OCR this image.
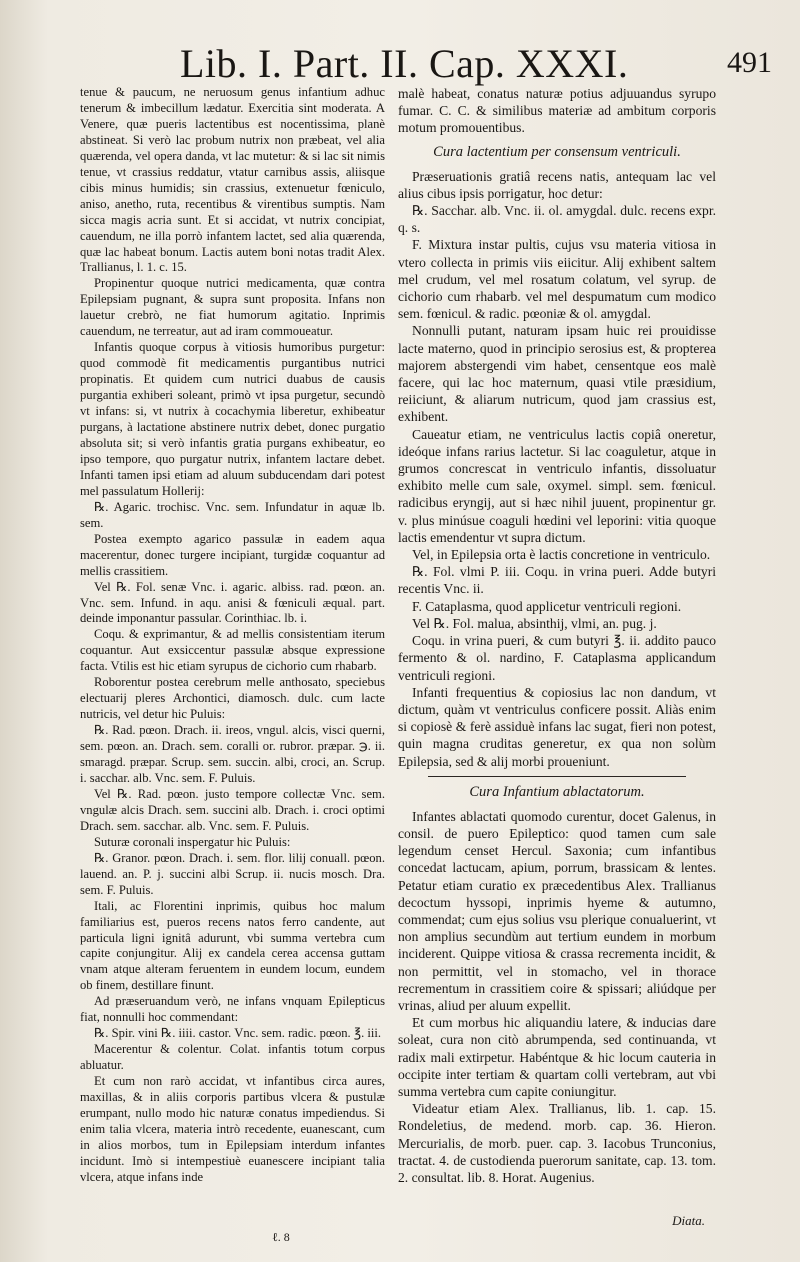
Lib. I. Part. II. Cap. XXXI.	491

tenue & paucum, ne neruosum genus infantium adhuc tenerum & imbecillum lædatur. Exercitia sint moderata. A Venere, quæ pueris lactentibus est nocentissima, planè abstineat. Si verò lac probum nutrix non præbeat, vel alia quærenda, vel opera danda, vt lac mutetur: & si lac sit nimis tenue, vt crassius reddatur, vtatur carnibus assis, aliisque cibis minus humidis; sin crassius, extenuetur fœniculo, aniso, anetho, ruta, recentibus & virentibus sumptis. Nam sicca magis acria sunt. Et si accidat, vt nutrix concipiat, cauendum, ne illa porrò infantem lactet, sed alia quærenda, quæ lac habeat bonum. Lactis autem boni notas tradit Alex. Trallianus, l. 1. c. 15.

Propinentur quoque nutrici medicamenta, quæ contra Epilepsiam pugnant, & supra sunt proposita. Infans non lauetur crebrò, ne fiat humorum agitatio. Inprimis cauendum, ne terreatur, aut ad iram commoueatur.

Infantis quoque corpus à vitiosis humoribus purgetur: quod commodè fit medicamentis purgantibus nutrici propinatis. Et quidem cum nutrici duabus de causis purgantia exhiberi soleant, primò vt ipsa purgetur, secundò vt infans: si, vt nutrix à cocachymia liberetur, exhibeatur purgans, à lactatione abstinere nutrix debet, donec purgatio absoluta sit; si verò infantis gratia purgans exhibeatur, eo ipso tempore, quo purgatur nutrix, infantem lactare debet. Infanti tamen ipsi etiam ad aluum subducendam dari potest mel passulatum Hollerij:

℞. Agaric. trochisc. Vnc. sem. Infundatur in aquæ lb. sem.

Postea exempto agarico passulæ in eadem aqua macerentur, donec turgere incipiant, turgidæ coquantur ad mellis crassitiem.

Vel ℞. Fol. senæ Vnc. i. agaric. albiss. rad. pœon. an. Vnc. sem. Infund. in aqu. anisi & fœniculi æqual. part. deinde imponantur passular. Corinthiac. lb. i.

Coqu. & exprimantur, & ad mellis consistentiam iterum coquantur. Aut exsiccentur passulæ absque expressione facta. Vtilis est hic etiam syrupus de cichorio cum rhabarb.

Roborentur postea cerebrum melle anthosato, speciebus electuarij pleres Archontici, diamosch. dulc. cum lacte nutricis, vel detur hic Puluis:

℞. Rad. pœon. Drach. ii. ireos, vngul. alcis, visci querni, sem. pœon. an. Drach. sem. coralli or. rubror. præpar. ℈. ii. smaragd. præpar. Scrup. sem. succin. albi, croci, an. Scrup. i. sacchar. alb. Vnc. sem. F. Puluis.

Vel ℞. Rad. pœon. justo tempore collectæ Vnc. sem. vngulæ alcis Drach. sem. succini alb. Drach. i. croci optimi Drach. sem. sacchar. alb. Vnc. sem. F. Puluis.

Suturæ coronali inspergatur hic Puluis:

℞. Granor. pœon. Drach. i. sem. flor. lilij conuall. pœon. lauend. an. P. j. succini albi Scrup. ii. nucis mosch. Dra. sem. F. Puluis.

Itali, ac Florentini inprimis, quibus hoc malum familiarius est, pueros recens natos ferro candente, aut particula ligni ignitâ adurunt, vbi summa vertebra cum capite conjungitur. Alij ex candela cerea accensa guttam vnam atque alteram feruentem in eundem locum, eundem ob finem, destillare finunt.

Ad præseruandum verò, ne infans vnquam Epilepticus fiat, nonnulli hoc commendant:

℞. Spir. vini ℞. iiii. castor. Vnc. sem. radic. pœon. ℥. iii.

Macerentur & colentur. Colat. infantis totum corpus abluatur.

Et cum non rarò accidat, vt infantibus circa aures, maxillas, & in aliis corporis partibus vlcera & pustulæ erumpant, nullo modo hic naturæ conatus impediendus. Si enim talia vlcera, materia intrò recedente, euanescant, cum in alios morbos, tum in Epilepsiam interdum infantes incidunt. Imò si intempestiuè euanescere incipiant talia vlcera, atque infans inde

malè habeat, conatus naturæ potius adjuuandus syrupo fumar. C. C. & similibus materiæ ad ambitum corporis motum promouentibus.

Cura lactentium per consensum ventriculi.

Præseruationis gratiâ recens natis, antequam lac vel alius cibus ipsis porrigatur, hoc detur:

℞. Sacchar. alb. Vnc. ii. ol. amygdal. dulc. recens expr. q. s.

F. Mixtura instar pultis, cujus vsu materia vitiosa in vtero collecta in primis viis eiicitur. Alij exhibent saltem mel crudum, vel mel rosatum colatum, vel syrup. de cichorio cum rhabarb. vel mel despumatum cum modico sem. fœnicul. & radic. pœoniæ & ol. amygdal.

Nonnulli putant, naturam ipsam huic rei prouidisse lacte materno, quod in principio serosius est, & propterea majorem abstergendi vim habet, censentque eos malè facere, qui lac hoc maternum, quasi vtile præsidium, reiiciunt, & aliarum nutricum, quod jam crassius est, exhibent.

Caueatur etiam, ne ventriculus lactis copiâ oneretur, ideóque infans rarius lactetur. Si lac coaguletur, atque in grumos concrescat in ventriculo infantis, dissoluatur exhibito melle cum sale, oxymel. simpl. sem. fœnicul. radicibus eryngij, aut si hæc nihil juuent, propinentur gr. v. plus minúsue coaguli hœdini vel leporini: vitia quoque lactis emendentur vt supra dictum.

Vel, in Epilepsia orta è lactis concretione in ventriculo.

℞. Fol. vlmi P. iii. Coqu. in vrina pueri. Adde butyri recentis Vnc. ii.

F. Cataplasma, quod applicetur ventriculi regioni.

Vel ℞. Fol. malua, absinthij, vlmi, an. pug. j.

Coqu. in vrina pueri, & cum butyri ℥. ii. addito pauco fermento & ol. nardino, F. Cataplasma applicandum ventriculi regioni.

Infanti frequentius & copiosius lac non dandum, vt dictum, quàm vt ventriculus conficere possit. Aliàs enim si copiosè & ferè assiduè infans lac sugat, fieri non potest, quin magna cruditas generetur, ex qua non solùm Epilepsia, sed & alij morbi proueniunt.

Cura Infantium ablactatorum.

Infantes ablactati quomodo curentur, docet Galenus, in consil. de puero Epileptico: quod tamen cum sale legendum censet Hercul. Saxonia; cum infantibus concedat lactucam, apium, porrum, brassicam & lentes. Petatur etiam curatio ex præcedentibus Alex. Trallianus decoctum hyssopi, inprimis hyeme & autumno, commendat; cum ejus solius vsu plerique conualuerint, vt non amplius secundùm aut tertium eundem in morbum inciderent. Quippe vitiosa & crassa recrementa incidit, & non permittit, vel in stomacho, vel in thorace recrementum in crassitiem coire & spissari; aliúdque per vrinas, aliud per aluum expellit.

Et cum morbus hic aliquandiu latere, & inducias dare soleat, cura non citò abrumpenda, sed continuanda, vt radix mali extirpetur. Habéntque & hic locum cauteria in occipite inter tertiam & quartam colli vertebram, aut vbi summa vertebra cum capite coniungitur.

Videatur etiam Alex. Trallianus, lib. 1. cap. 15. Rondeletius, de medend. morb. cap. 36. Hieron. Mercurialis, de morb. puer. cap. 3. Iacobus Trunconius, tractat. 4. de custodienda puerorum sanitate, cap. 13. tom. 2. consultat. lib. 8. Horat. Augenius.

Diata.
ℓ. 8
